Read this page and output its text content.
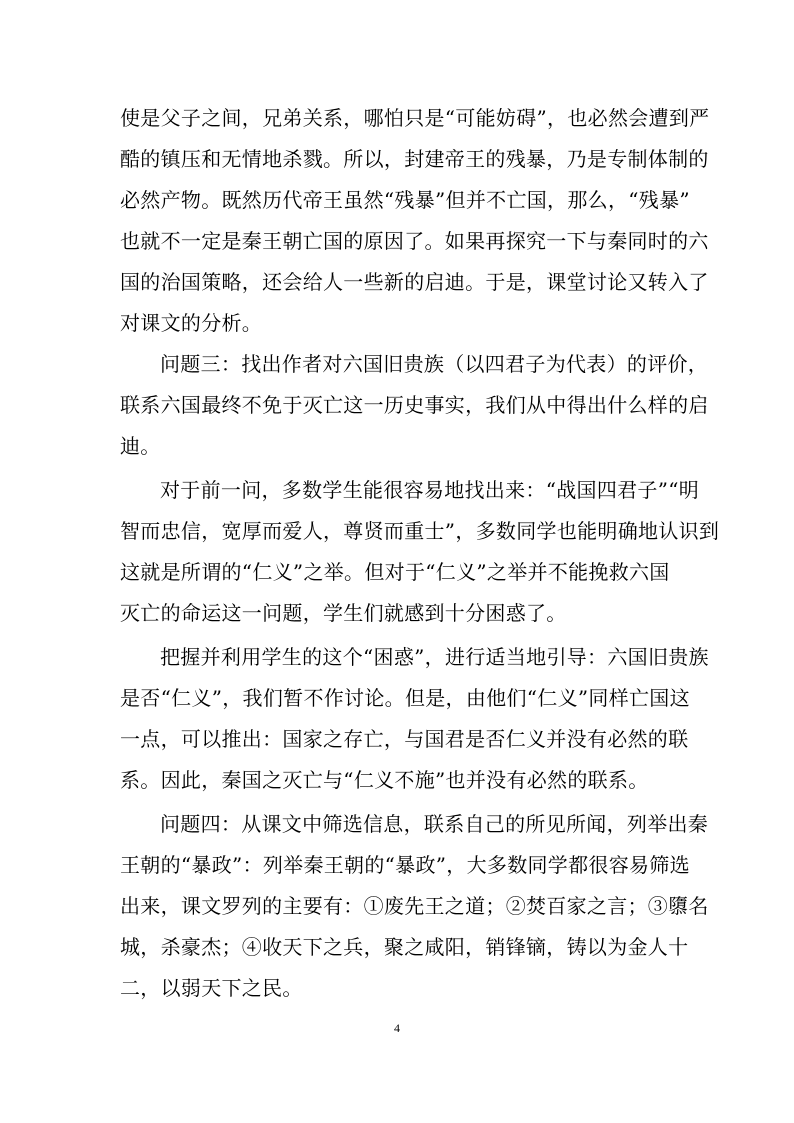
使是父子之间，兄弟关系，哪怕只是“可能妨碍”，也必然会遭到严
酷的镇压和无情地杀戮。所以，封建帝王的残暴，乃是专制体制的
必然产物。既然历代帝王虽然“残暴”但并不亡国，那么，“残暴”
也就不一定是秦王朝亡国的原因了。如果再探究一下与秦同时的六
国的治国策略，还会给人一些新的启迪。于是，课堂讨论又转入了
对课文的分析。
问题三：找出作者对六国旧贵族（以四君子为代表）的评价，
联系六国最终不免于灭亡这一历史事实，我们从中得出什么样的启
迪。
对于前一问，多数学生能很容易地找出来：“战国四君子”“明
智而忠信，宽厚而爱人，尊贤而重士”，多数同学也能明确地认识到
这就是所谓的“仁义”之举。但对于“仁义”之举并不能挽救六国
灭亡的命运这一问题，学生们就感到十分困惑了。
把握并利用学生的这个“困惑”，进行适当地引导：六国旧贵族
是否“仁义”，我们暂不作讨论。但是，由他们“仁义”同样亡国这
一点，可以推出：国家之存亡，与国君是否仁义并没有必然的联
系。因此，秦国之灭亡与“仁义不施”也并没有必然的联系。
问题四：从课文中筛选信息，联系自己的所见所闻，列举出秦
王朝的“暴政”：列举秦王朝的“暴政”，大多数同学都很容易筛选
出来，课文罗列的主要有：①废先王之道；②焚百家之言；③隳名
城，杀豪杰；④收天下之兵，聚之咸阳，销锋镝，铸以为金人十
二，以弱天下之民。
4
